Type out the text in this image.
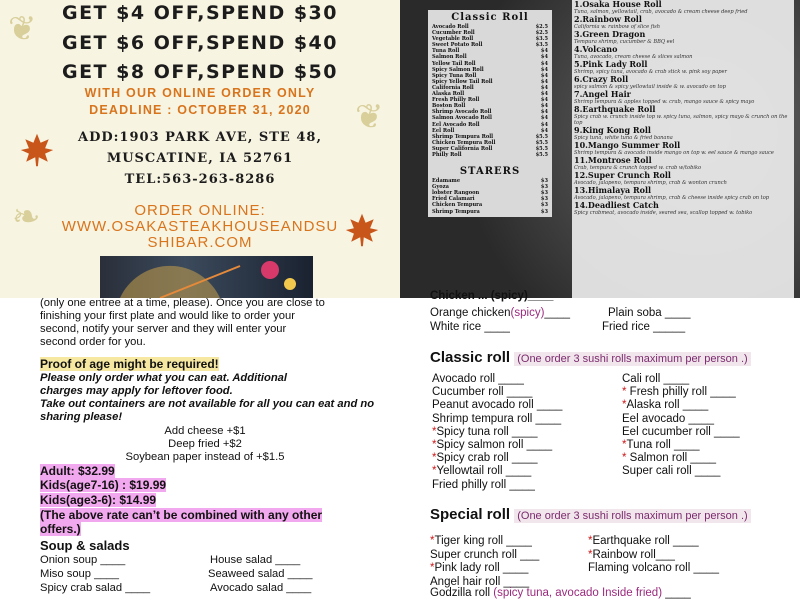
❦
❦
❧
GET $4 OFF,SPEND $30
GET $6 OFF,SPEND $40
GET $8 OFF,SPEND $50
WITH OUR ONLINE ORDER ONLY
DEADLINE : OCTOBER 31, 2020
ADD:1903 PARK AVE, STE 48,
MUSCATINE, IA 52761
TEL:563-263-8286
ORDER ONLINE:
WWW.OSAKASTEAKHOUSEANDSU
SHIBAR.COM
Classic Roll
Avocado Roll	$2.5
Cucumber Roll	$2.5
Vegetable Roll	$3.5
Sweet Potato Roll	$3.5
Tuna Roll	$4
Salmon Roll	$4
Yellow Tail Roll	$4
Spicy Salmon Roll	$4
Spicy Tuna Roll	$4
Spicy Yellow Tail Roll	$4
California Roll	$4
Alaska Roll	$4
Fresh Philly Roll	$4
Boston Roll	$4
Shrimp Avocado Roll	$4
Salmon Avocado Roll	$4
Eel Avocado Roll	$4
Eel Roll	$4
Shrimp Tempura Roll	$5.5
Chicken Tempura Roll	$5.5
Super California Roll	$5.5
Philly Roll	$5.5
STARERS
Edamame	$3
Gyoza	$3
lobster Rangoon	$3
Fried Calamari	$3
Chicken Tempura	$3
Shrimp Tempura	$3
1.Osaka House Roll
Tuna, salmon, yellowtail, crab, avocado & cream cheese deep fried
2.Rainbow Roll
California w. rainbow of slice fish
3.Green Dragon
Tempura shrimp, cucumber & BBQ eel
4.Volcano
Tuna, avocado, cream cheese & slices salmon
5.Pink Lady Roll
Shrimp, spicy tuna, avocado & crab stick w. pink soy paper
6.Crazy Roll
spicy salmon & spicy yellowtail inside & w. avocado on top
7.Angel Hair
Shrimp tempura & apples topped w. crab, mango sauce & spicy mayo
8.Earthquake Roll
Spicy crab w. crunch inside top w. spicy tuna, salmon, spicy mayo & crunch on the top
9.King Kong Roll
Spicy tuna, white tuna & fried banana
10.Mango Summer Roll
Shrimp tempura & avocado inside mango on top w. eel sauce & mango sauce
11.Montrose Roll
Crab, tempura & crunch topped w. crab w/tobiko
12.Super Crunch Roll
Avocado, jalapeno, tempura shrimp, crab & wonton crunch
13.Himalaya Roll
Avocado, jalapeno, tempura shrimp, crab & cheese inside spicy crab on top
14.Deadliest Catch
Spicy crabmeat, avocado inside, seared sea, scallop topped w. tobiko
(only one entree at a time, please). Once you are close to
finishing your first plate and would like to order your
second, notify your server and they will enter your
second order for you.
Proof of age might be required!
Please only order what you can eat. Additional
charges may apply for leftover food.
Take out containers are not available for all you can eat and no
sharing please!
Add cheese +$1
Deep fried +$2
Soybean paper instead of +$1.5
Adult: $32.99
Kids(age7-16) : $19.99
Kids(age3-6): $14.99
(The above rate can’t be combined with any other
offers.)
Soup & salads
Onion soup ____
Miso soup ____
Spicy crab salad ____
House salad ____
Seaweed salad ____
Avocado salad ____
Chicken ... (spicy)____
Orange chicken(spicy)____	Plain soba ____
White rice ____	Fried rice _____
Classic roll (One order 3 sushi rolls maximum per person .)
Avocado roll ____
Cucumber roll ____
Peanut avocado roll ____
Shrimp tempura roll ____
*Spicy tuna roll ____
*Spicy salmon roll ____
*Spicy crab roll ____
*Yellowtail roll ____
Fried philly roll ____
Cali roll ____
* Fresh philly roll ____
*Alaska roll ____
Eel avocado ____
Eel cucumber roll ____
*Tuna roll ____
* Salmon roll ____
Super cali roll ____
Special roll (One order 3 sushi rolls maximum per person .)
*Tiger king roll ____
Super crunch roll ___
*Pink lady roll ____
Angel hair roll ____
*Earthquake roll ____
*Rainbow roll___
Flaming volcano roll ____
Godzilla roll (spicy tuna, avocado Inside fried) ____
